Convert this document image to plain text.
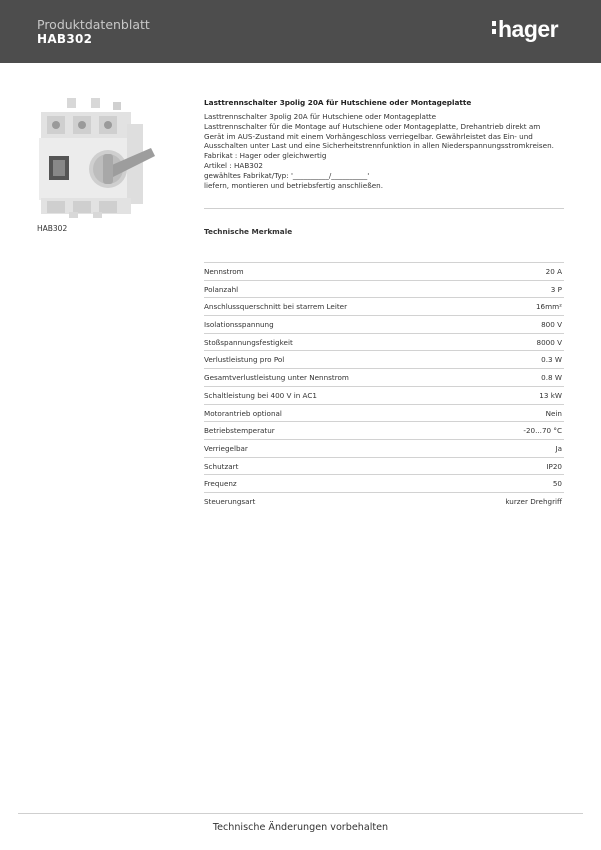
Produktdatenblatt
HAB302	hager
HAB302
Lasttrennschalter 3polig 20A für Hutschiene oder Montageplatte
Lasttrennschalter 3polig 20A für Hutschiene oder Montageplatte
Lasttrennschalter für die Montage auf Hutschiene oder Montageplatte, Drehantrieb direkt am
Gerät im AUS-Zustand mit einem Vorhängeschloss verriegelbar. Gewährleistet das Ein- und
Ausschalten unter Last und eine Sicherheitstrennfunktion in allen Niederspannungsstromkreisen.
Fabrikat : Hager oder gleichwertig
Artikel : HAB302
gewähltes Fabrikat/Typ: '__________/__________'
liefern, montieren und betriebsfertig anschließen.
Technische Merkmale
Nennstrom	20 A
Polanzahl	3 P
Anschlussquerschnitt bei starrem Leiter	16mm²
Isolationsspannung	800 V
Stoßspannungsfestigkeit	8000 V
Verlustleistung pro Pol	0.3 W
Gesamtverlustleistung unter Nennstrom	0.8 W
Schaltleistung bei 400 V in AC1	13 kW
Motorantrieb optional	Nein
Betriebstemperatur	-20...70 °C
Verriegelbar	Ja
Schutzart	IP20
Frequenz	50
Steuerungsart	kurzer Drehgriff
Technische Änderungen vorbehalten
